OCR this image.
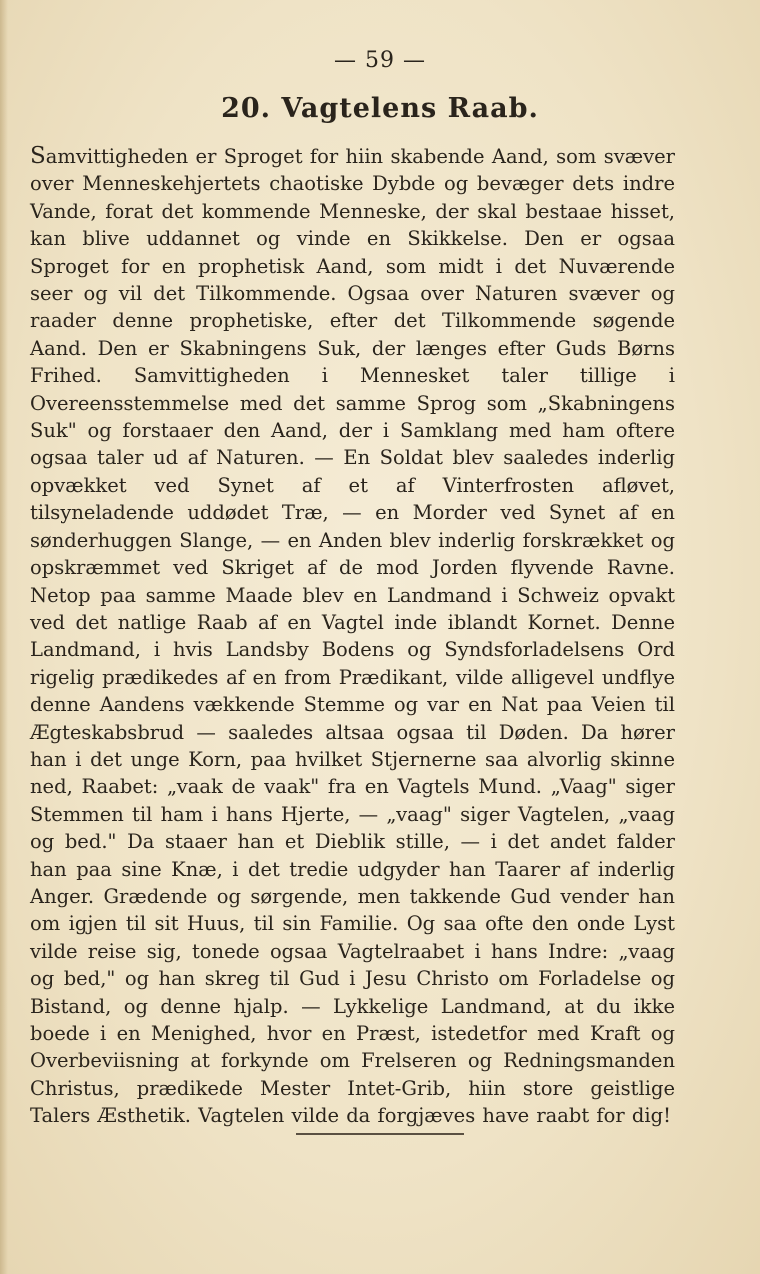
— 59 —
20. Vagtelens Raab.
Samvittigheden er Sproget for hiin skabende Aand, som svæver over Menneskehjertets chaotiske Dybde og bevæger dets indre Vande, forat det kommende Menneske, der skal bestaae hisset, kan blive uddannet og vinde en Skikkelse. Den er ogsaa Sproget for en prophetisk Aand, som midt i det Nuværende seer og vil det Tilkommende. Ogsaa over Naturen svæver og raader denne prophetiske, efter det Tilkommende søgende Aand. Den er Skabningens Suk, der længes efter Guds Børns Frihed. Samvittigheden i Mennesket taler tillige i Overeensstemmelse med det samme Sprog som „Skabningens Suk" og forstaaer den Aand, der i Samklang med ham oftere ogsaa taler ud af Naturen. — En Soldat blev saaledes inderlig opvækket ved Synet af et af Vinterfrosten afløvet, tilsyneladende uddødet Træ, — en Morder ved Synet af en sønderhuggen Slange, — en Anden blev inderlig forskrækket og opskræmmet ved Skriget af de mod Jorden flyvende Ravne. Netop paa samme Maade blev en Landmand i Schweiz opvakt ved det natlige Raab af en Vagtel inde iblandt Kornet. Denne Landmand, i hvis Landsby Bodens og Syndsforladelsens Ord rigelig prædikedes af en from Prædikant, vilde alligevel undflye denne Aandens vækkende Stemme og var en Nat paa Veien til Ægteskabsbrud — saaledes altsaa ogsaa til Døden. Da hører han i det unge Korn, paa hvilket Stjernerne saa alvorlig skinne ned, Raabet: „vaak de vaak" fra en Vagtels Mund. „Vaag" siger Stemmen til ham i hans Hjerte, — „vaag" siger Vagtelen, „vaag og bed." Da staaer han et Dieblik stille, — i det andet falder han paa sine Knæ, i det tredie udgyder han Taarer af inderlig Anger. Grædende og sørgende, men takkende Gud vender han om igjen til sit Huus, til sin Familie. Og saa ofte den onde Lyst vilde reise sig, tonede ogsaa Vagtelraabet i hans Indre: „vaag og bed," og han skreg til Gud i Jesu Christo om Forladelse og Bistand, og denne hjalp. — Lykkelige Landmand, at du ikke boede i en Menighed, hvor en Præst, istedetfor med Kraft og Overbeviisning at forkynde om Frelseren og Redningsmanden Christus, prædikede Mester Intet-Grib, hiin store geistlige Talers Æsthetik. Vagtelen vilde da forgjæves have raabt for dig!
